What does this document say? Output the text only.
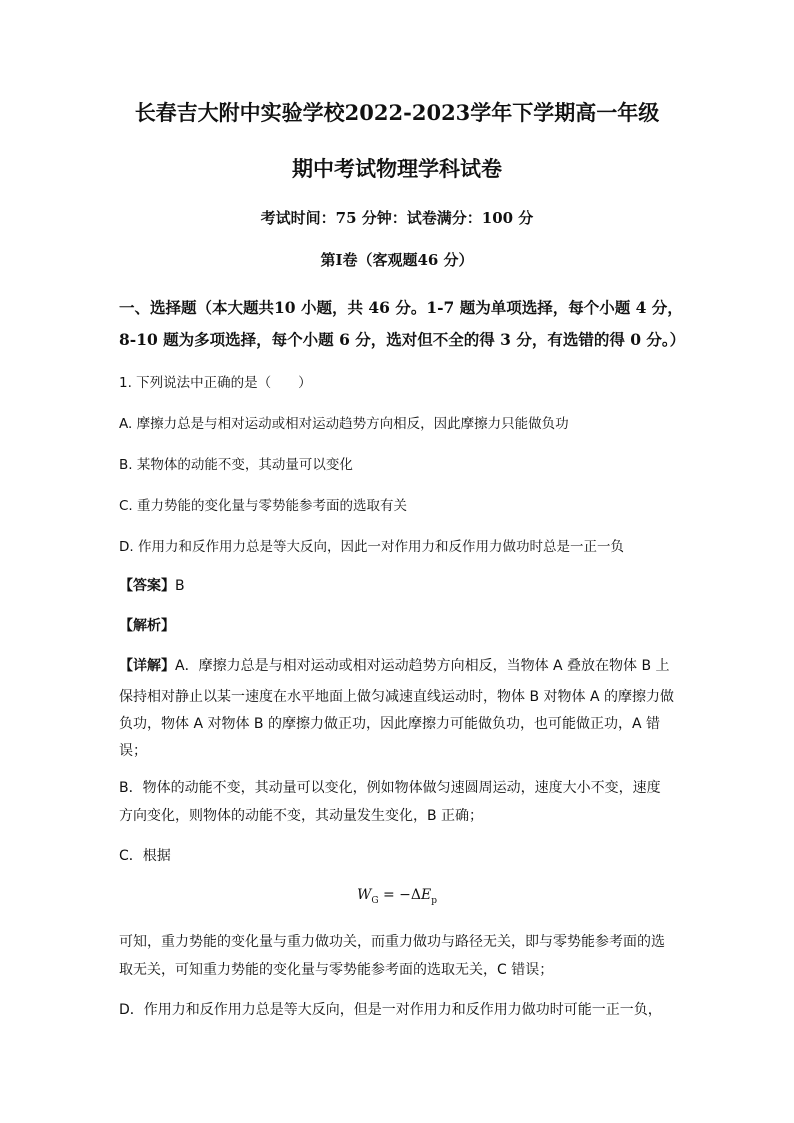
长春吉大附中实验学校2022-2023学年下学期高一年级
期中考试物理学科试卷
考试时间：75 分钟：试卷满分：100 分
第Ⅰ卷（客观题46 分）
一、选择题（本大题共10 小题，共 46 分。1-7 题为单项选择，每个小题 4 分，
8-10 题为多项选择，每个小题 6 分，选对但不全的得 3 分，有选错的得 0 分。）
1. 下列说法中正确的是（　　）
A. 摩擦力总是与相对运动或相对运动趋势方向相反，因此摩擦力只能做负功
B. 某物体的动能不变，其动量可以变化
C. 重力势能的变化量与零势能参考面的选取有关
D. 作用力和反作用力总是等大反向，因此一对作用力和反作用力做功时总是一正一负
【答案】B
【解析】
【详解】A．摩擦力总是与相对运动或相对运动趋势方向相反，当物体 A 叠放在物体 B 上
保持相对静止以某一速度在水平地面上做匀减速直线运动时，物体 B 对物体 A 的摩擦力做
负功，物体 A 对物体 B 的摩擦力做正功，因此摩擦力可能做负功，也可能做正功，A 错
误；
B．物体的动能不变，其动量可以变化，例如物体做匀速圆周运动，速度大小不变，速度
方向变化，则物体的动能不变，其动量发生变化，B 正确；
C．根据
$W_G = -\Delta E_p$
可知，重力势能的变化量与重力做功关，而重力做功与路径无关，即与零势能参考面的选
取无关，可知重力势能的变化量与零势能参考面的选取无关，C 错误；
D．作用力和反作用力总是等大反向，但是一对作用力和反作用力做功时可能一正一负，
